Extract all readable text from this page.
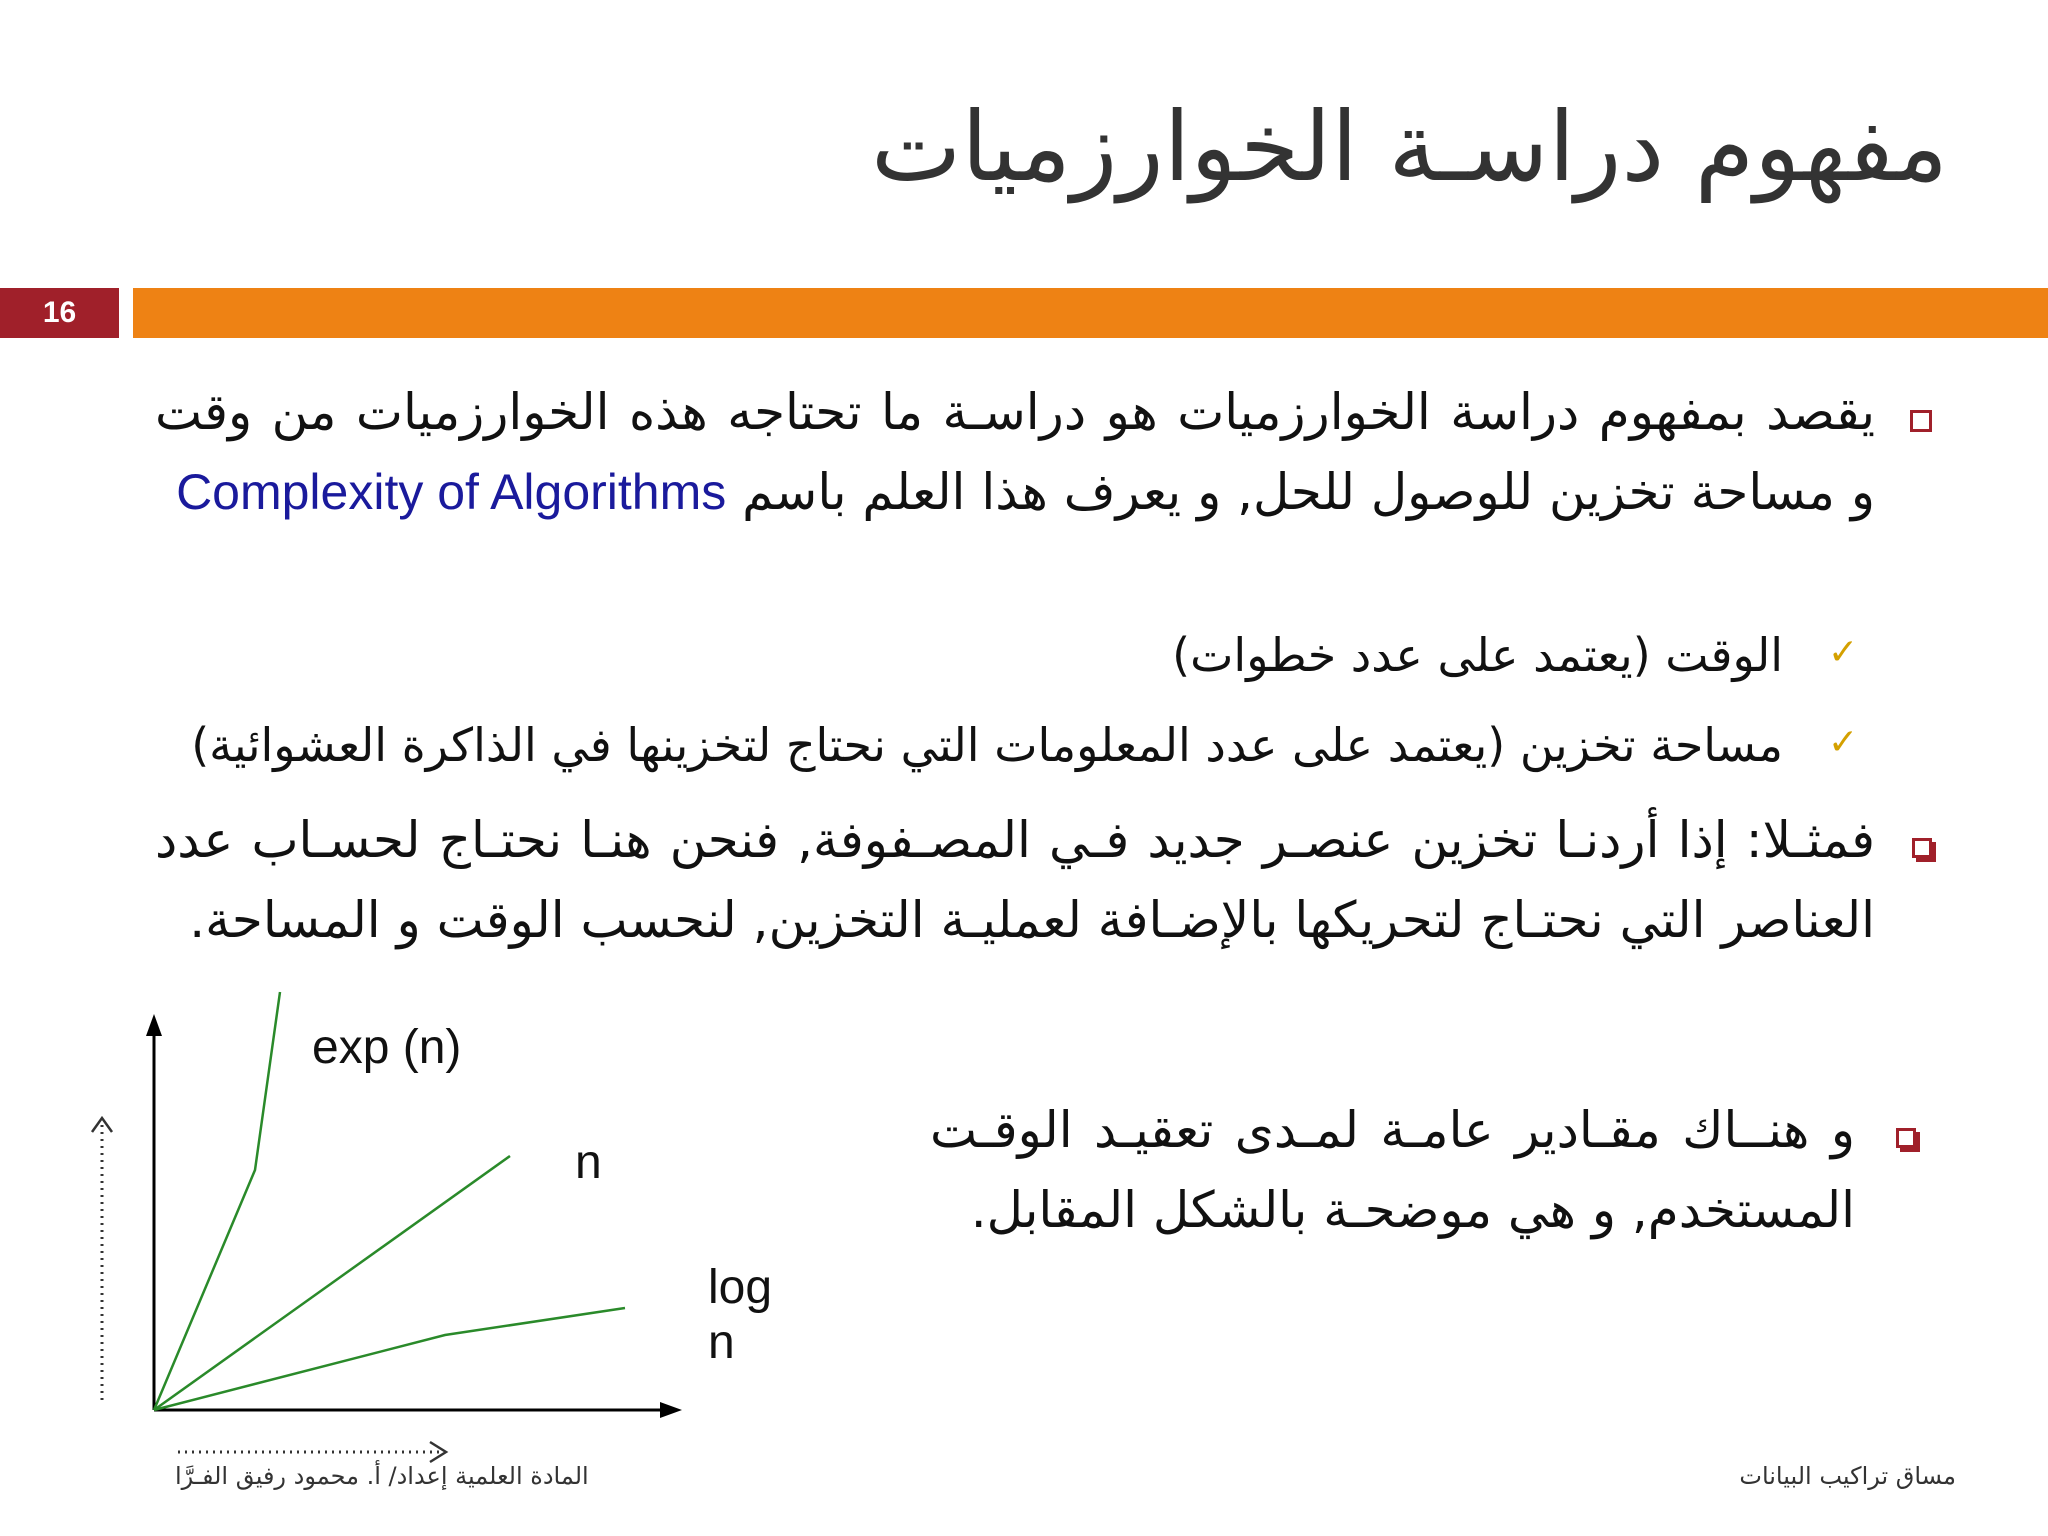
مفهوم دراسـة الخوارزميات
16
يقصد بمفهوم دراسة الخوارزميات هو دراسـة ما تحتاجه هذه الخوارزميات من وقت و مساحة تخزين للوصول للحل, و يعرف هذا العلم باسم Complexity of Algorithms
✓
الوقت (يعتمد على عدد خطوات)
✓
مساحة تخزين (يعتمد على عدد المعلومات التي نحتاج لتخزينها في الذاكرة العشوائية)
فمثـلا: إذا أردنـا تخزين عنصـر جديد فـي المصـفوفة, فنحن هنـا نحتـاج لحسـاب عدد العناصر التي نحتـاج لتحريكها بالإضـافة لعمليـة التخزين, لنحسب الوقت و المساحة.
و هنــاك مقـادير عامـة لمـدى تعقيـد الوقـت المستخدم, و هي موضحـة بالشكل المقابل.
exp (n)
n
log n
المادة العلمية إعداد/ أ. محمود رفيق الفـرَّا	مساق تراكيب البيانات
